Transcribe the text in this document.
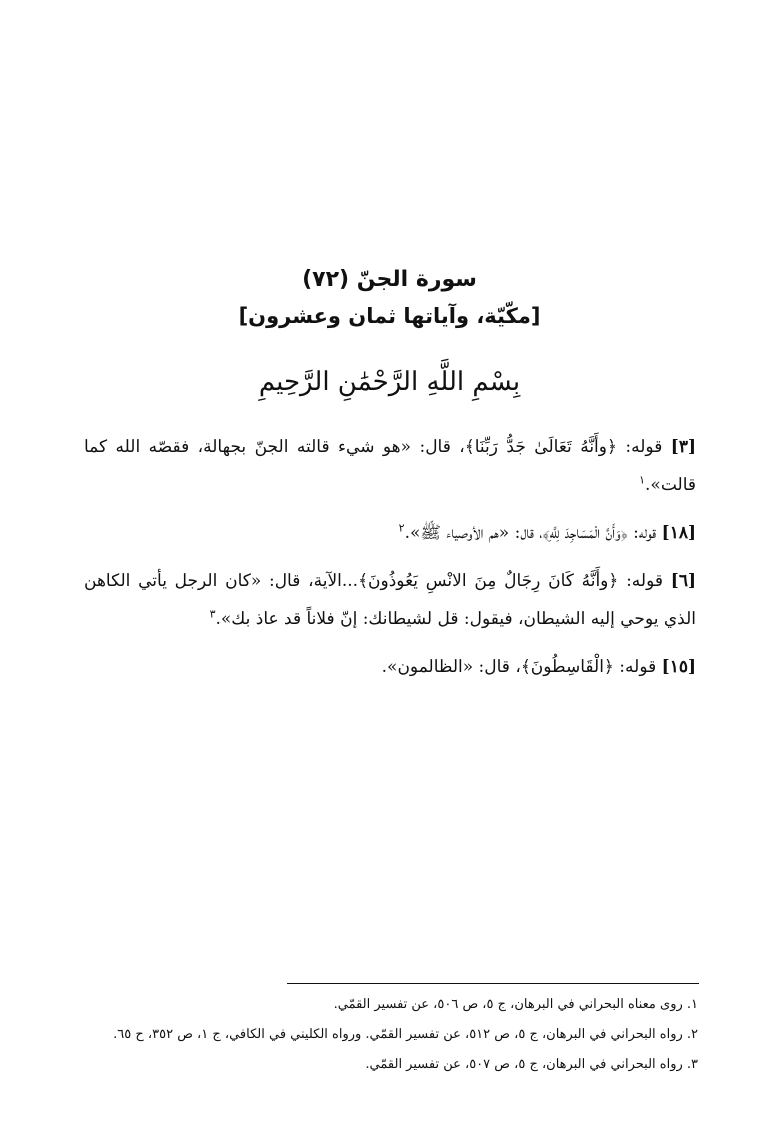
سورة الجنّ (٧٢)

[مكّيّة، وآياتها ثمان وعشرون]

بِسْمِ اللَّهِ الرَّحْمَٰنِ الرَّحِيمِ

[٣] قوله: ﴿وأَنَّهُ تَعَالَىٰ جَدُّ رَبِّنَا﴾، قال: «هو شيء قالته الجنّ بجهالة، فقصّه الله كما قالت».$^١$

[١٨] قوله: ﴿وَأَنَّ الْمَسَاجِدَ لِلَّهِ﴾، قال: «هم الأوصياء ﷺ».$^٢$

[٦] قوله: ﴿وأَنَّهُ كَانَ رِجَالٌ مِنَ الانْسِ يَعُوذُونَ﴾...الآية، قال: «كان الرجل يأتي الكاهن الذي يوحي إليه الشيطان، فيقول: قل لشيطانك: إنّ فلاناً قد عاذ بك».$^٣$

[١٥] قوله: ﴿الْقَاسِطُونَ﴾، قال: «الظالمون».

١. روى معناه البحراني في البرهان، ج ٥، ص ٥٠٦، عن تفسير القمّي.

٢. رواه البحراني في البرهان، ج ٥، ص ٥١٢، عن تفسير القمّي. ورواه الكليني في الكافي، ج ١، ص ٣٥٢، ح ٦٥.

٣. رواه البحراني في البرهان، ج ٥، ص ٥٠٧، عن تفسير القمّي.
